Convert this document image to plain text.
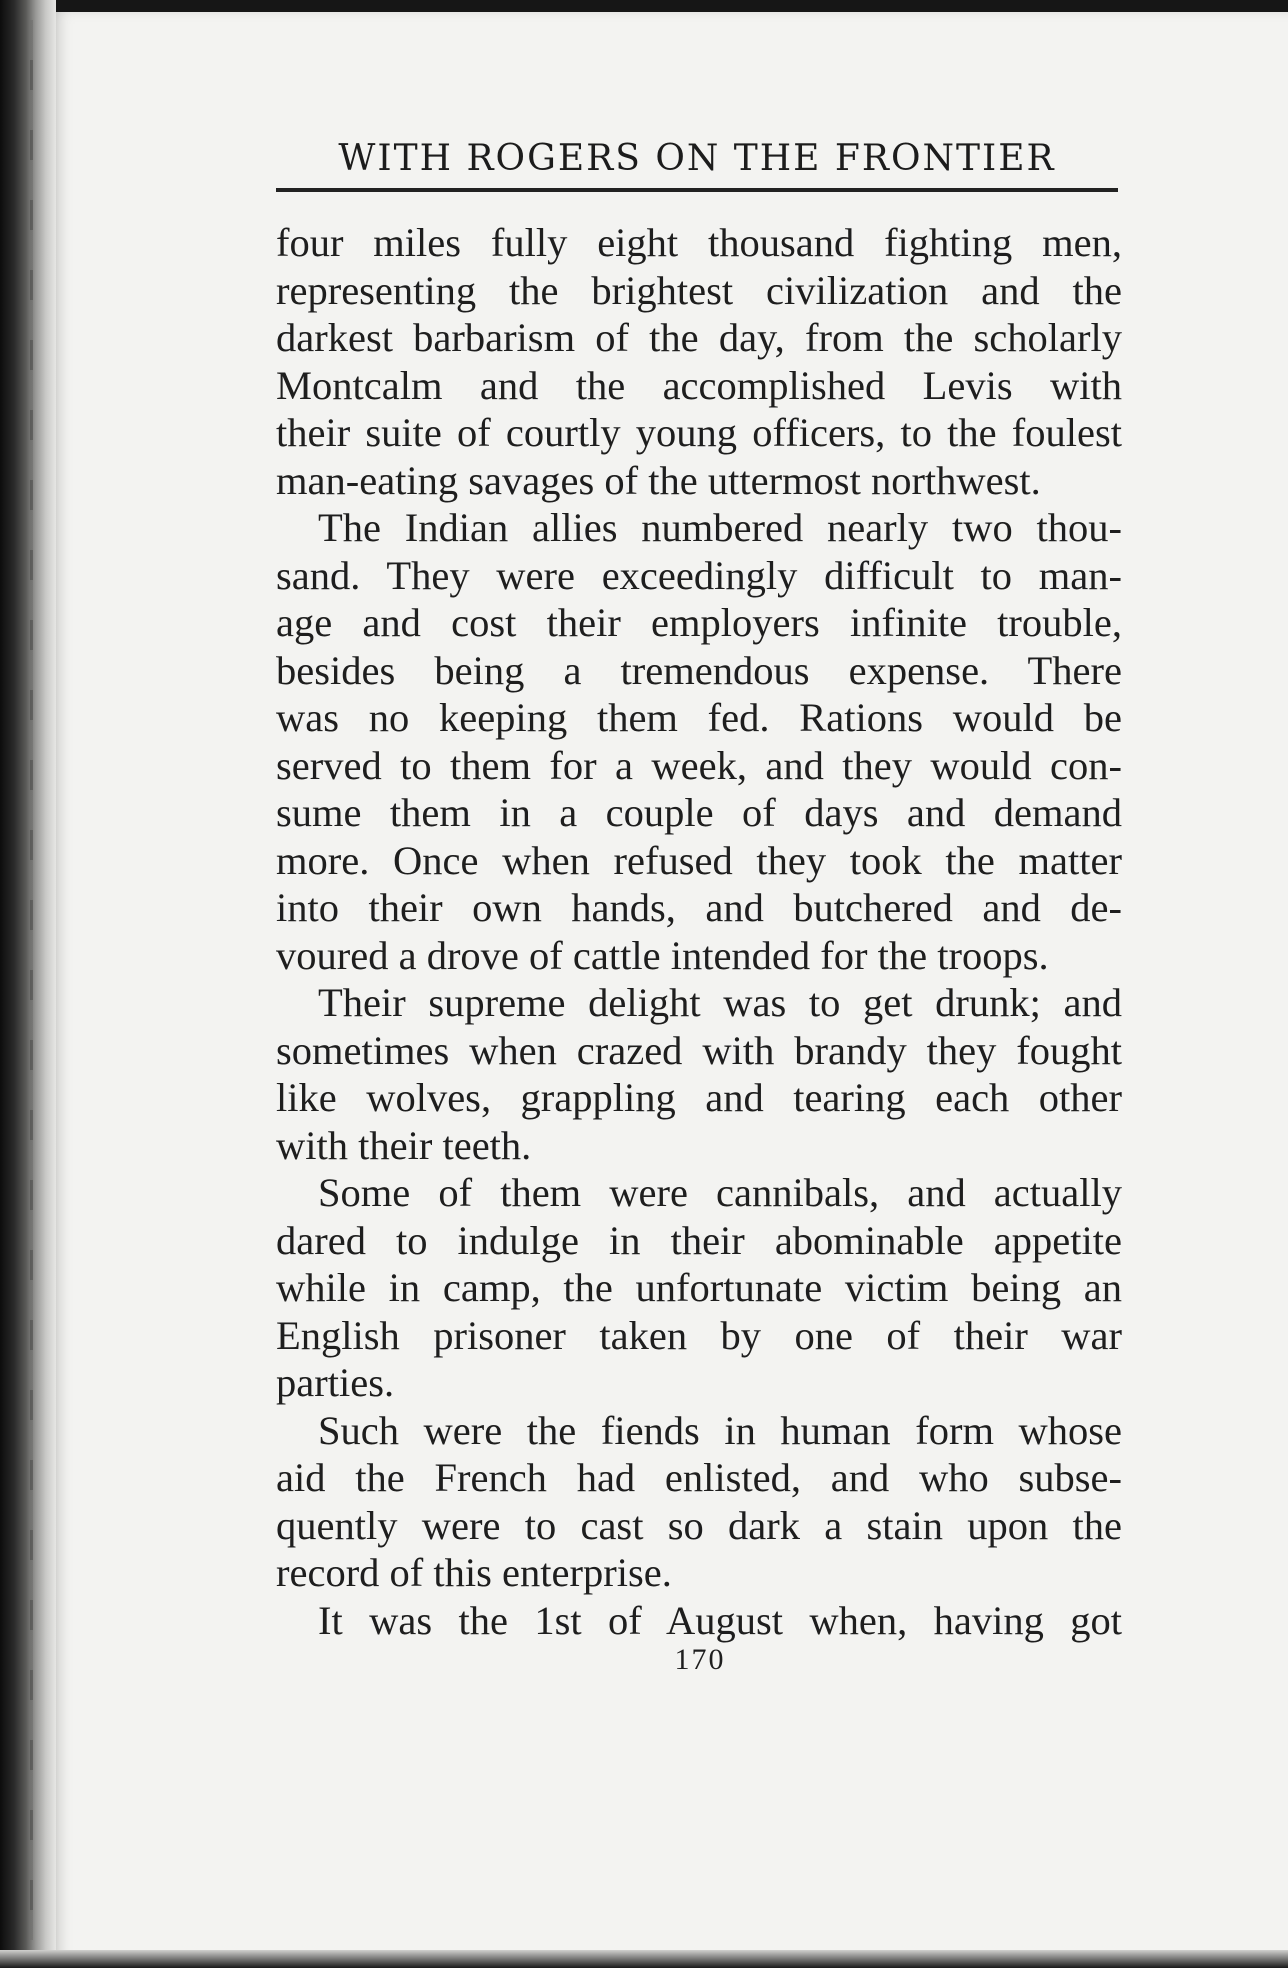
WITH ROGERS ON THE FRONTIER
four miles fully eight thousand fighting men,
representing the brightest civilization and the
darkest barbarism of the day, from the scholarly
Montcalm and the accomplished Levis with
their suite of courtly young officers, to the foulest
man-eating savages of the uttermost northwest.
The Indian allies numbered nearly two thou-
sand. They were exceedingly difficult to man-
age and cost their employers infinite trouble,
besides being a tremendous expense. There
was no keeping them fed. Rations would be
served to them for a week, and they would con-
sume them in a couple of days and demand
more. Once when refused they took the matter
into their own hands, and butchered and de-
voured a drove of cattle intended for the troops.
Their supreme delight was to get drunk; and
sometimes when crazed with brandy they fought
like wolves, grappling and tearing each other
with their teeth.
Some of them were cannibals, and actually
dared to indulge in their abominable appetite
while in camp, the unfortunate victim being an
English prisoner taken by one of their war
parties.
Such were the fiends in human form whose
aid the French had enlisted, and who subse-
quently were to cast so dark a stain upon the
record of this enterprise.
It was the 1st of August when, having got
170
